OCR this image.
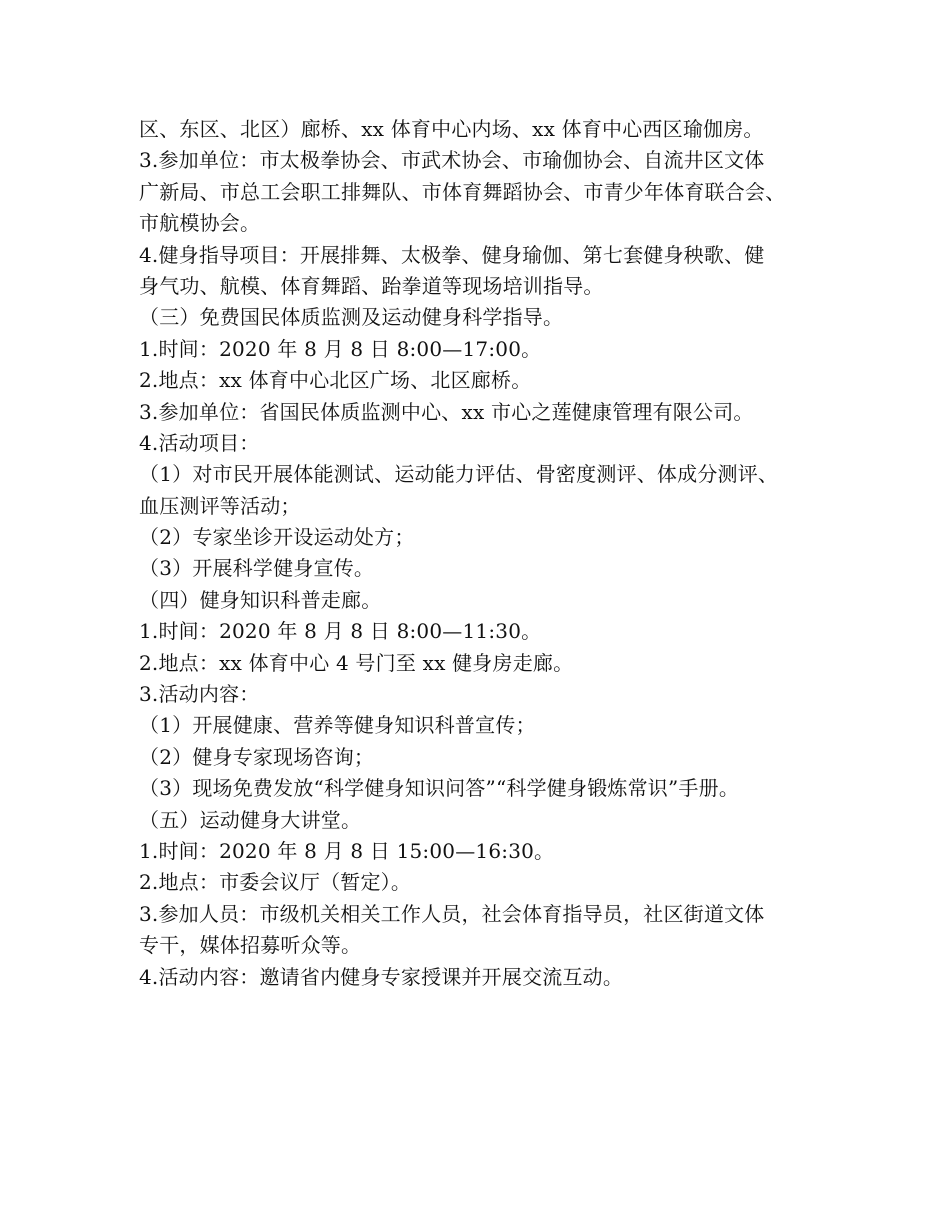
区、东区、北区）廊桥、xx 体育中心内场、xx 体育中心西区瑜伽房。
3.参加单位：市太极拳协会、市武术协会、市瑜伽协会、自流井区文体
广新局、市总工会职工排舞队、市体育舞蹈协会、市青少年体育联合会、
市航模协会。
4.健身指导项目：开展排舞、太极拳、健身瑜伽、第七套健身秧歌、健
身气功、航模、体育舞蹈、跆拳道等现场培训指导。
（三）免费国民体质监测及运动健身科学指导。
1.时间：2020 年 8 月 8 日 8:00—17:00。
2.地点：xx 体育中心北区广场、北区廊桥。
3.参加单位：省国民体质监测中心、xx 市心之莲健康管理有限公司。
4.活动项目：
（1）对市民开展体能测试、运动能力评估、骨密度测评、体成分测评、
血压测评等活动；
（2）专家坐诊开设运动处方；
（3）开展科学健身宣传。
（四）健身知识科普走廊。
1.时间：2020 年 8 月 8 日 8:00—11:30。
2.地点：xx 体育中心 4 号门至 xx 健身房走廊。
3.活动内容：
（1）开展健康、营养等健身知识科普宣传；
（2）健身专家现场咨询；
（3）现场免费发放“科学健身知识问答”“科学健身锻炼常识”手册。
（五）运动健身大讲堂。
1.时间：2020 年 8 月 8 日 15:00—16:30。
2.地点：市委会议厅（暂定）。
3.参加人员：市级机关相关工作人员，社会体育指导员，社区街道文体
专干，媒体招募听众等。
4.活动内容：邀请省内健身专家授课并开展交流互动。
